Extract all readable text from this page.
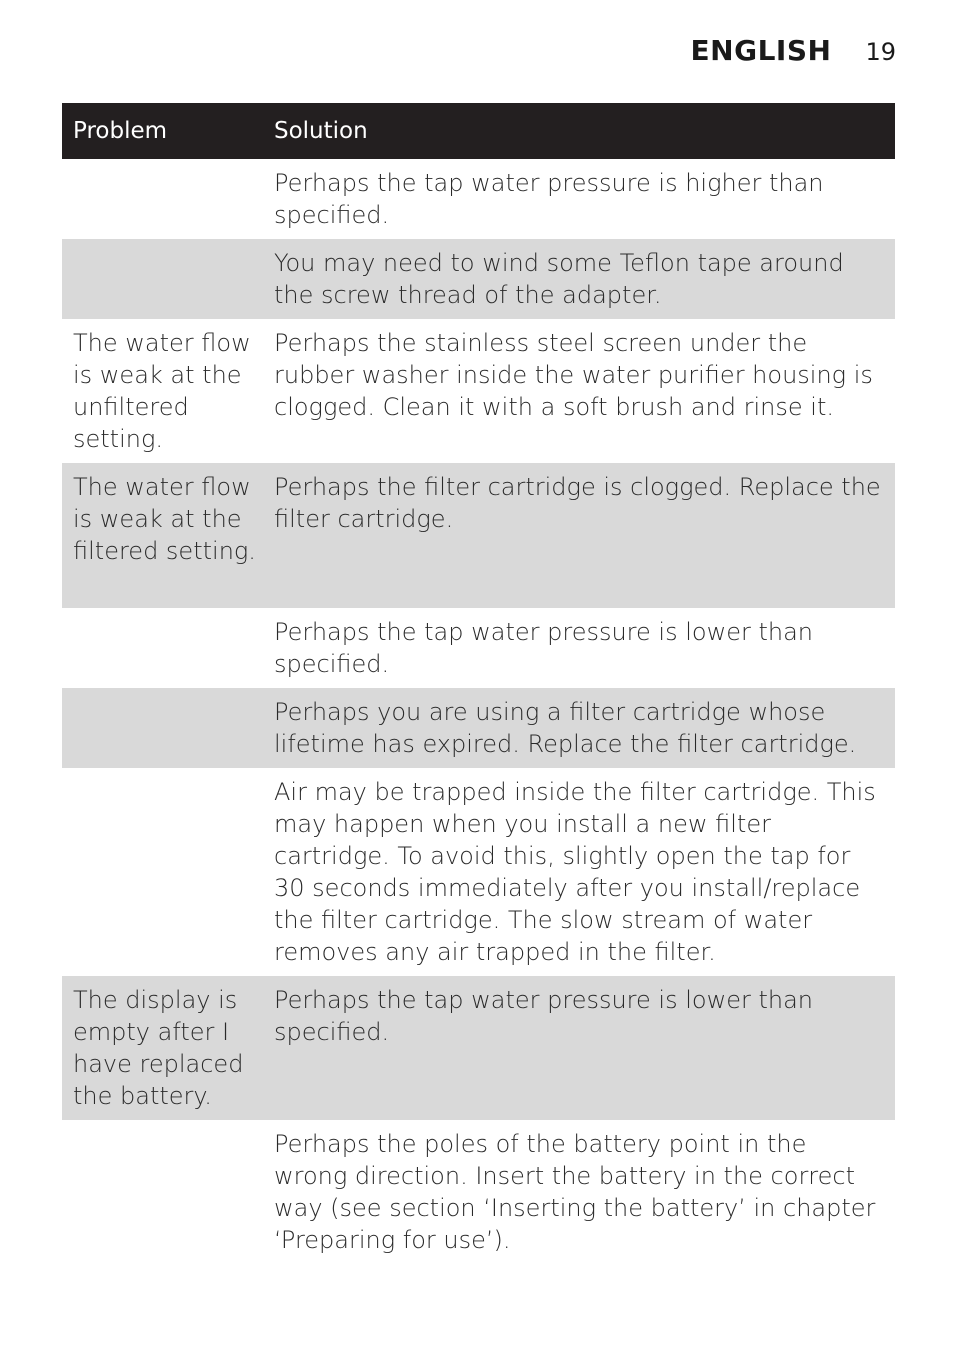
ENGLISH 19
Problem	Solution
Perhaps the tap water pressure is higher than specified.
You may need to wind some Teflon tape around the screw thread of the adapter.
The water flow is weak at the unfiltered setting.
Perhaps the stainless steel screen under the rubber washer inside the water purifier housing is clogged. Clean it with a soft brush and rinse it.
The water flow is weak at the filtered setting.
Perhaps the filter cartridge is clogged. Replace the filter cartridge.
Perhaps the tap water pressure is lower than specified.
Perhaps you are using a filter cartridge whose lifetime has expired. Replace the filter cartridge.
Air may be trapped inside the filter cartridge. This may happen when you install a new filter cartridge. To avoid this, slightly open the tap for 30 seconds immediately after you install/replace the filter cartridge. The slow stream of water removes any air trapped in the filter.
The display is empty after I have replaced the battery.
Perhaps the tap water pressure is lower than specified.
Perhaps the poles of the battery point in the wrong direction. Insert the battery in the correct way (see section ‘Inserting the battery’ in chapter ‘Preparing for use’).
